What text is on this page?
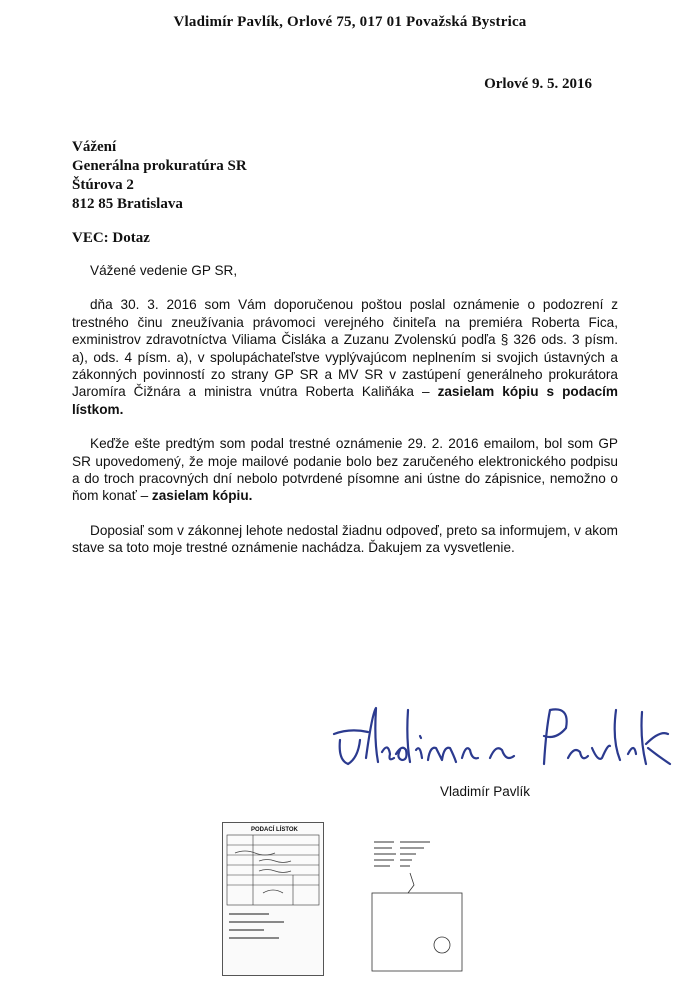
Vladimír Pavlík, Orlové 75, 017 01 Považská Bystrica
Orlové 9. 5. 2016
Vážení
Generálna prokuratúra SR
Štúrova 2
812 85 Bratislava
VEC: Dotaz

Vážené vedenie GP SR,

dňa 30. 3. 2016 som Vám doporučenou poštou poslal oznámenie o podozrení z trestného činu zneužívania právomoci verejného činiteľa na premiéra Roberta Fica, exministrov zdravotníctva Viliama Čisláka a Zuzanu Zvolenskú podľa § 326 ods. 3 písm. a), ods. 4 písm. a), v spolupáchateľstve vyplývajúcom neplnením si svojich ústavných a zákonných povinností zo strany GP SR a MV SR v zastúpení generálneho prokurátora Jaromíra Čižnára a ministra vnútra Roberta Kaliňáka – zasielam kópiu s podacím lístkom.

Keďže ešte predtým som podal trestné oznámenie 29. 2. 2016 emailom, bol som GP SR upovedomený, že moje mailové podanie bolo bez zaručeného elektronického podpisu a do troch pracovných dní nebolo potvrdené písomne ani ústne do zápisnice, nemožno o ňom konať – zasielam kópiu.

Doposiaľ som v zákonnej lehote nedostal žiadnu odpoveď, preto sa informujem, v akom stave sa toto moje trestné oznámenie nachádza. Ďakujem za vysvetlenie.

Vladimír Pavlík
PODACÍ LÍSTOK
